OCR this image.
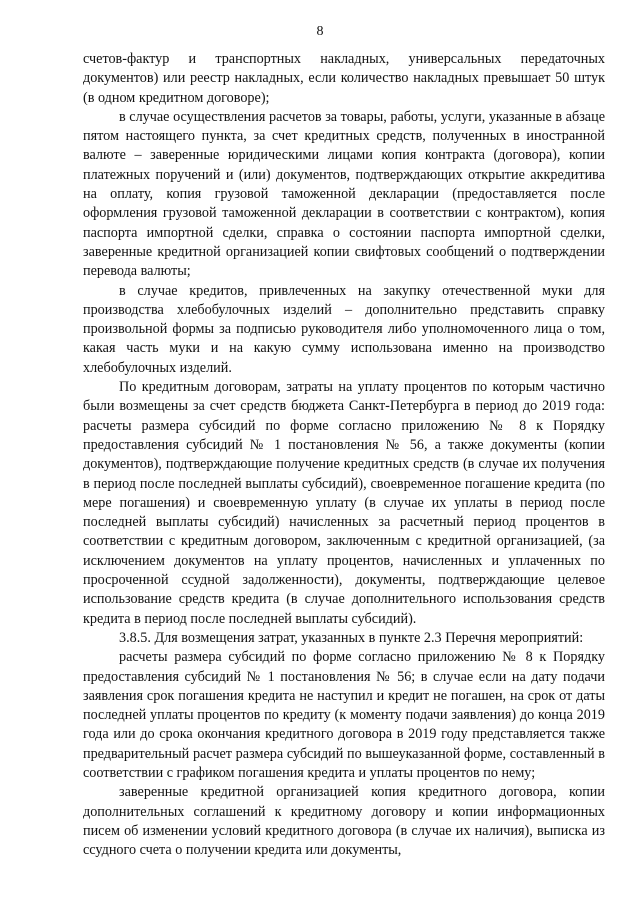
8

счетов-фактур и транспортных накладных, универсальных передаточных документов) или реестр накладных, если количество накладных превышает 50 штук (в одном кредитном договоре);

в случае осуществления расчетов за товары, работы, услуги, указанные в абзаце пятом настоящего пункта, за счет кредитных средств, полученных в иностранной валюте – заверенные юридическими лицами копия контракта (договора), копии платежных поручений и (или) документов, подтверждающих открытие аккредитива на оплату, копия грузовой таможенной декларации (предоставляется после оформления грузовой таможенной декларации в соответствии с контрактом), копия паспорта импортной сделки, справка о состоянии паспорта импортной сделки, заверенные кредитной организацией копии свифтовых сообщений о подтверждении перевода валюты;

в случае кредитов, привлеченных на закупку отечественной муки для производства хлебобулочных изделий – дополнительно представить справку произвольной формы за подписью руководителя либо уполномоченного лица о том, какая часть муки и на какую сумму использована именно на производство хлебобулочных изделий.

По кредитным договорам, затраты на уплату процентов по которым частично были возмещены за счет средств бюджета Санкт-Петербурга в период до 2019 года: расчеты размера субсидий по форме согласно приложению № 8 к Порядку предоставления субсидий № 1 постановления № 56, а также документы (копии документов), подтверждающие получение кредитных средств (в случае их получения в период после последней выплаты субсидий), своевременное погашение кредита (по мере погашения) и своевременную уплату (в случае их уплаты в период после последней выплаты субсидий) начисленных за расчетный период процентов в соответствии с кредитным договором, заключенным с кредитной организацией, (за исключением документов на уплату процентов, начисленных и уплаченных по просроченной ссудной задолженности), документы, подтверждающие целевое использование средств кредита (в случае дополнительного использования средств кредита в период после последней выплаты субсидий).

3.8.5. Для возмещения затрат, указанных в пункте 2.3 Перечня мероприятий:

расчеты размера субсидий по форме согласно приложению № 8 к Порядку предоставления субсидий № 1 постановления № 56; в случае если на дату подачи заявления срок погашения кредита не наступил и кредит не погашен, на срок от даты последней уплаты процентов по кредиту (к моменту подачи заявления) до конца 2019 года или до срока окончания кредитного договора в 2019 году представляется также предварительный расчет размера субсидий по вышеуказанной форме, составленный в соответствии с графиком погашения кредита и уплаты процентов по нему;

заверенные кредитной организацией копия кредитного договора, копии дополнительных соглашений к кредитному договору и копии информационных писем об изменении условий кредитного договора (в случае их наличия), выписка из ссудного счета о получении кредита или документы,
